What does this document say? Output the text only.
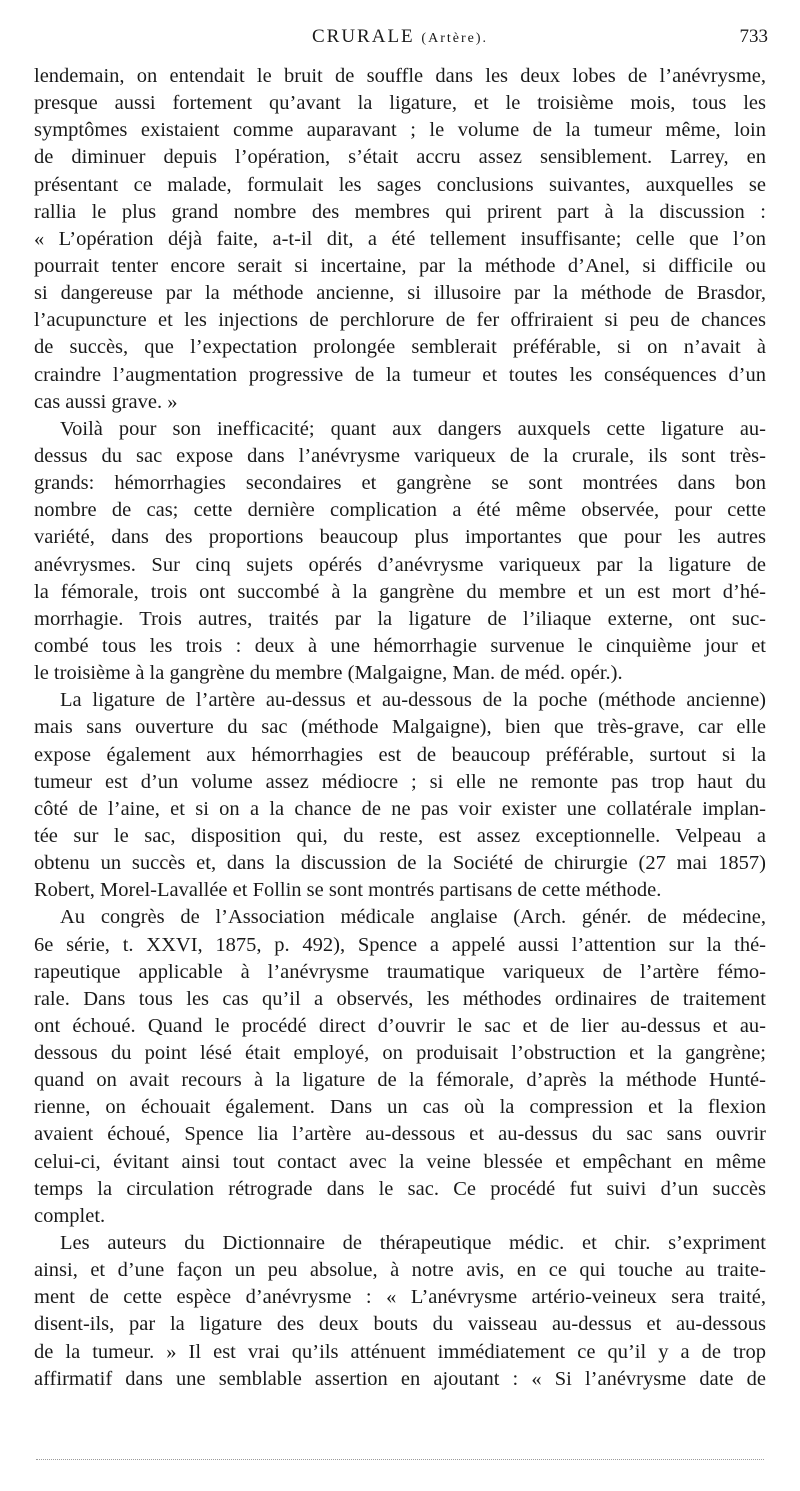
CRURALE (Artère).	733
lendemain, on entendait le bruit de souffle dans les deux lobes de l’anévrysme,
presque aussi fortement qu’avant la ligature, et le troisième mois, tous les
symptômes existaient comme auparavant ; le volume de la tumeur même, loin
de diminuer depuis l’opération, s’était accru assez sensiblement. Larrey, en
présentant ce malade, formulait les sages conclusions suivantes, auxquelles se
rallia le plus grand nombre des membres qui prirent part à la discussion :
« L’opération déjà faite, a-t-il dit, a été tellement insuffisante; celle que l’on
pourrait tenter encore serait si incertaine, par la méthode d’Anel, si difficile ou
si dangereuse par la méthode ancienne, si illusoire par la méthode de Brasdor,
l’acupuncture et les injections de perchlorure de fer offriraient si peu de chances
de succès, que l’expectation prolongée semblerait préférable, si on n’avait à
craindre l’augmentation progressive de la tumeur et toutes les conséquences d’un
cas aussi grave. »
Voilà pour son inefficacité; quant aux dangers auxquels cette ligature au-
dessus du sac expose dans l’anévrysme variqueux de la crurale, ils sont très-
grands: hémorrhagies secondaires et gangrène se sont montrées dans bon
nombre de cas; cette dernière complication a été même observée, pour cette
variété, dans des proportions beaucoup plus importantes que pour les autres
anévrysmes. Sur cinq sujets opérés d’anévrysme variqueux par la ligature de
la fémorale, trois ont succombé à la gangrène du membre et un est mort d’hé-
morrhagie. Trois autres, traités par la ligature de l’iliaque externe, ont suc-
combé tous les trois : deux à une hémorrhagie survenue le cinquième jour et
le troisième à la gangrène du membre (Malgaigne, Man. de méd. opér.).
La ligature de l’artère au-dessus et au-dessous de la poche (méthode ancienne)
mais sans ouverture du sac (méthode Malgaigne), bien que très-grave, car elle
expose également aux hémorrhagies est de beaucoup préférable, surtout si la
tumeur est d’un volume assez médiocre ; si elle ne remonte pas trop haut du
côté de l’aine, et si on a la chance de ne pas voir exister une collatérale implan-
tée sur le sac, disposition qui, du reste, est assez exceptionnelle. Velpeau a
obtenu un succès et, dans la discussion de la Société de chirurgie (27 mai 1857)
Robert, Morel-Lavallée et Follin se sont montrés partisans de cette méthode.
Au congrès de l’Association médicale anglaise (Arch. génér. de médecine,
6e série, t. XXVI, 1875, p. 492), Spence a appelé aussi l’attention sur la thé-
rapeutique applicable à l’anévrysme traumatique variqueux de l’artère fémo-
rale. Dans tous les cas qu’il a observés, les méthodes ordinaires de traitement
ont échoué. Quand le procédé direct d’ouvrir le sac et de lier au-dessus et au-
dessous du point lésé était employé, on produisait l’obstruction et la gangrène;
quand on avait recours à la ligature de la fémorale, d’après la méthode Hunté-
rienne, on échouait également. Dans un cas où la compression et la flexion
avaient échoué, Spence lia l’artère au-dessous et au-dessus du sac sans ouvrir
celui-ci, évitant ainsi tout contact avec la veine blessée et empêchant en même
temps la circulation rétrograde dans le sac. Ce procédé fut suivi d’un succès
complet.
Les auteurs du Dictionnaire de thérapeutique médic. et chir. s’expriment
ainsi, et d’une façon un peu absolue, à notre avis, en ce qui touche au traite-
ment de cette espèce d’anévrysme : « L’anévrysme artério-veineux sera traité,
disent-ils, par la ligature des deux bouts du vaisseau au-dessus et au-dessous
de la tumeur. » Il est vrai qu’ils atténuent immédiatement ce qu’il y a de trop
affirmatif dans une semblable assertion en ajoutant : « Si l’anévrysme date de
